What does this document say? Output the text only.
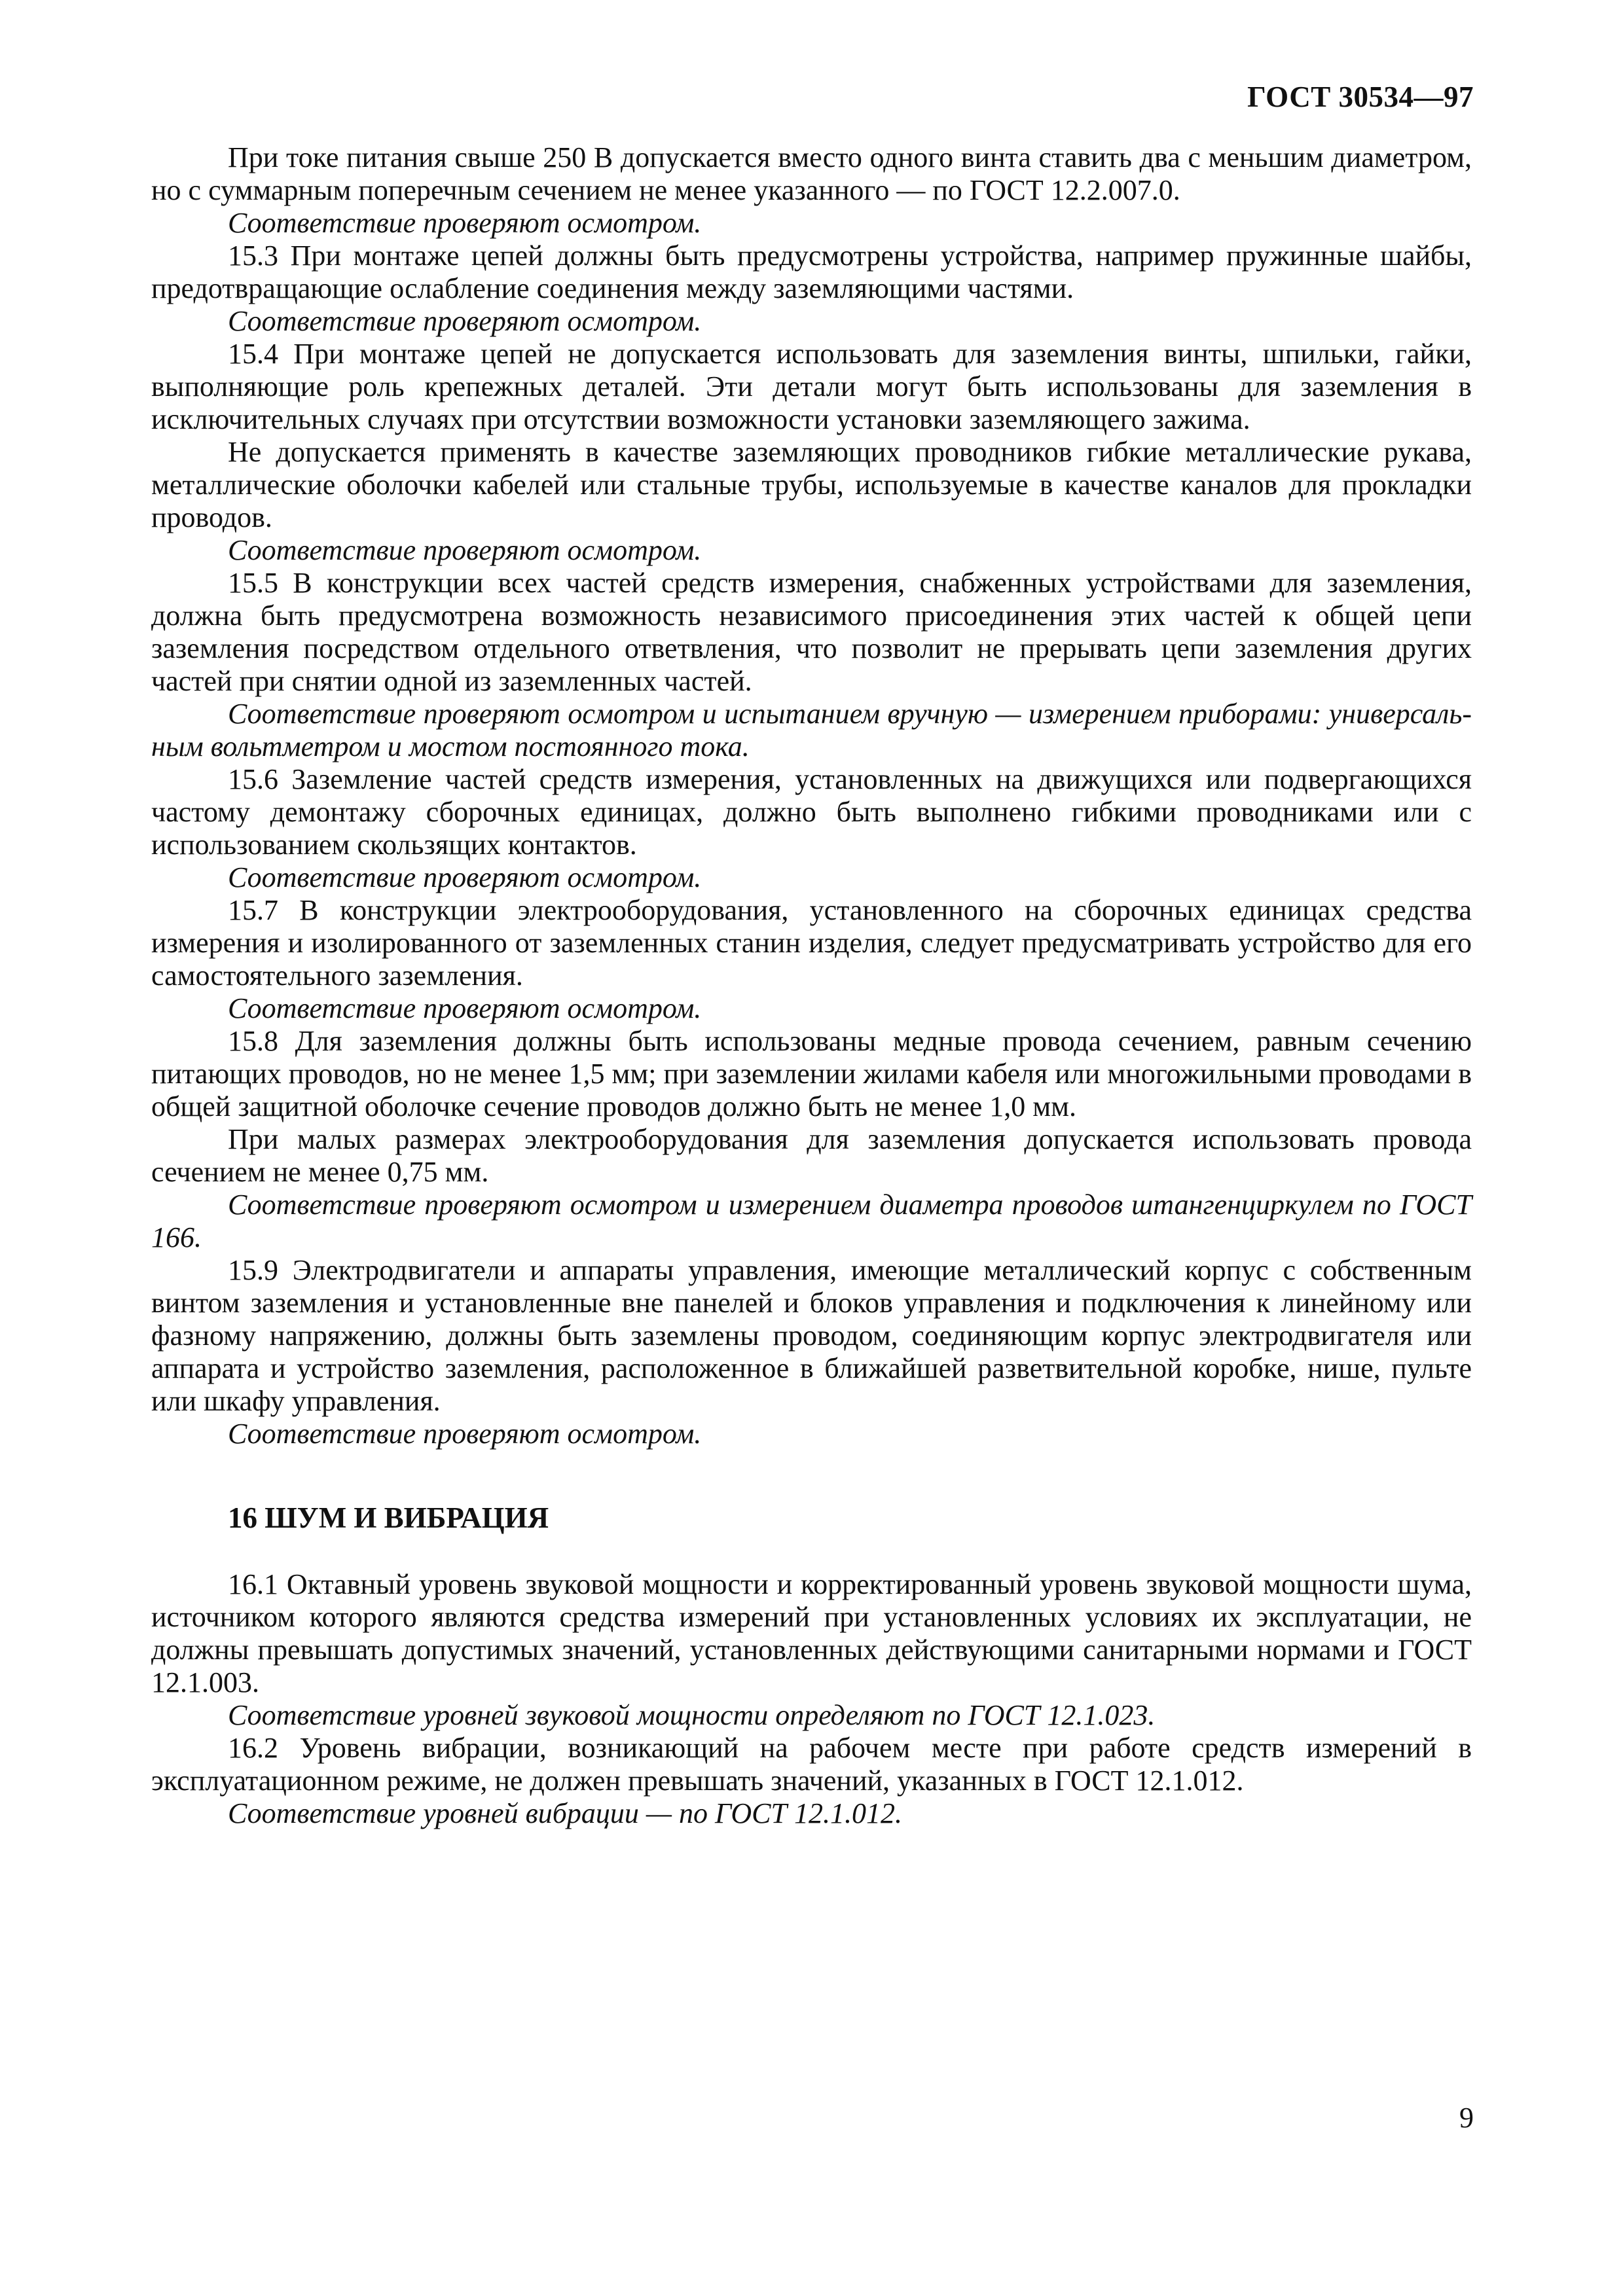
ГОСТ 30534—97

При токе питания свыше 250 В допускается вместо одного винта ставить два с меньшим диаметром, но с суммарным поперечным сечением не менее указанного — по ГОСТ 12.2.007.0.

Соответствие проверяют осмотром.

15.3 При монтаже цепей должны быть предусмотрены устройства, например пружинные шайбы, предотвращающие ослабление соединения между заземляющими частями.

Соответствие проверяют осмотром.

15.4 При монтаже цепей не допускается использовать для заземления винты, шпильки, гайки, выполняющие роль крепежных деталей. Эти детали могут быть использованы для заземления в исключительных случаях при отсутствии возможности установки заземляющего зажима.

Не допускается применять в качестве заземляющих проводников гибкие металлические рукава, металлические оболочки кабелей или стальные трубы, используемые в качестве каналов для прокладки проводов.

Соответствие проверяют осмотром.

15.5 В конструкции всех частей средств измерения, снабженных устройствами для заземления, должна быть предусмотрена возможность независимого присоединения этих частей к общей цепи заземления посредством отдельного ответвления, что позволит не прерывать цепи заземления других частей при снятии одной из заземленных частей.

Соответствие проверяют осмотром и испытанием вручную — измерением приборами: универсальным вольтметром и мостом постоянного тока.

15.6 Заземление частей средств измерения, установленных на движущихся или подвергающихся частому демонтажу сборочных единицах, должно быть выполнено гибкими проводниками или с использованием скользящих контактов.

Соответствие проверяют осмотром.

15.7 В конструкции электрооборудования, установленного на сборочных единицах средства измерения и изолированного от заземленных станин изделия, следует предусматривать устройство для его самостоятельного заземления.

Соответствие проверяют осмотром.

15.8 Для заземления должны быть использованы медные провода сечением, равным сечению питающих проводов, но не менее 1,5 мм; при заземлении жилами кабеля или многожильными проводами в общей защитной оболочке сечение проводов должно быть не менее 1,0 мм.

При малых размерах электрооборудования для заземления допускается использовать провода сечением не менее 0,75 мм.

Соответствие проверяют осмотром и измерением диаметра проводов штангенциркулем по ГОСТ 166.

15.9 Электродвигатели и аппараты управления, имеющие металлический корпус с собственным винтом заземления и установленные вне панелей и блоков управления и подключения к линейному или фазному напряжению, должны быть заземлены проводом, соединяющим корпус электродвигателя или аппарата и устройство заземления, расположенное в ближайшей разветвительной коробке, нише, пульте или шкафу управления.

Соответствие проверяют осмотром.

16 ШУМ И ВИБРАЦИЯ

16.1 Октавный уровень звуковой мощности и корректированный уровень звуковой мощности шума, источником которого являются средства измерений при установленных условиях их эксплуатации, не должны превышать допустимых значений, установленных действующими санитарными нормами и ГОСТ 12.1.003.

Соответствие уровней звуковой мощности определяют по ГОСТ 12.1.023.

16.2 Уровень вибрации, возникающий на рабочем месте при работе средств измерений в эксплуатационном режиме, не должен превышать значений, указанных в ГОСТ 12.1.012.

Соответствие уровней вибрации — по ГОСТ 12.1.012.

9
